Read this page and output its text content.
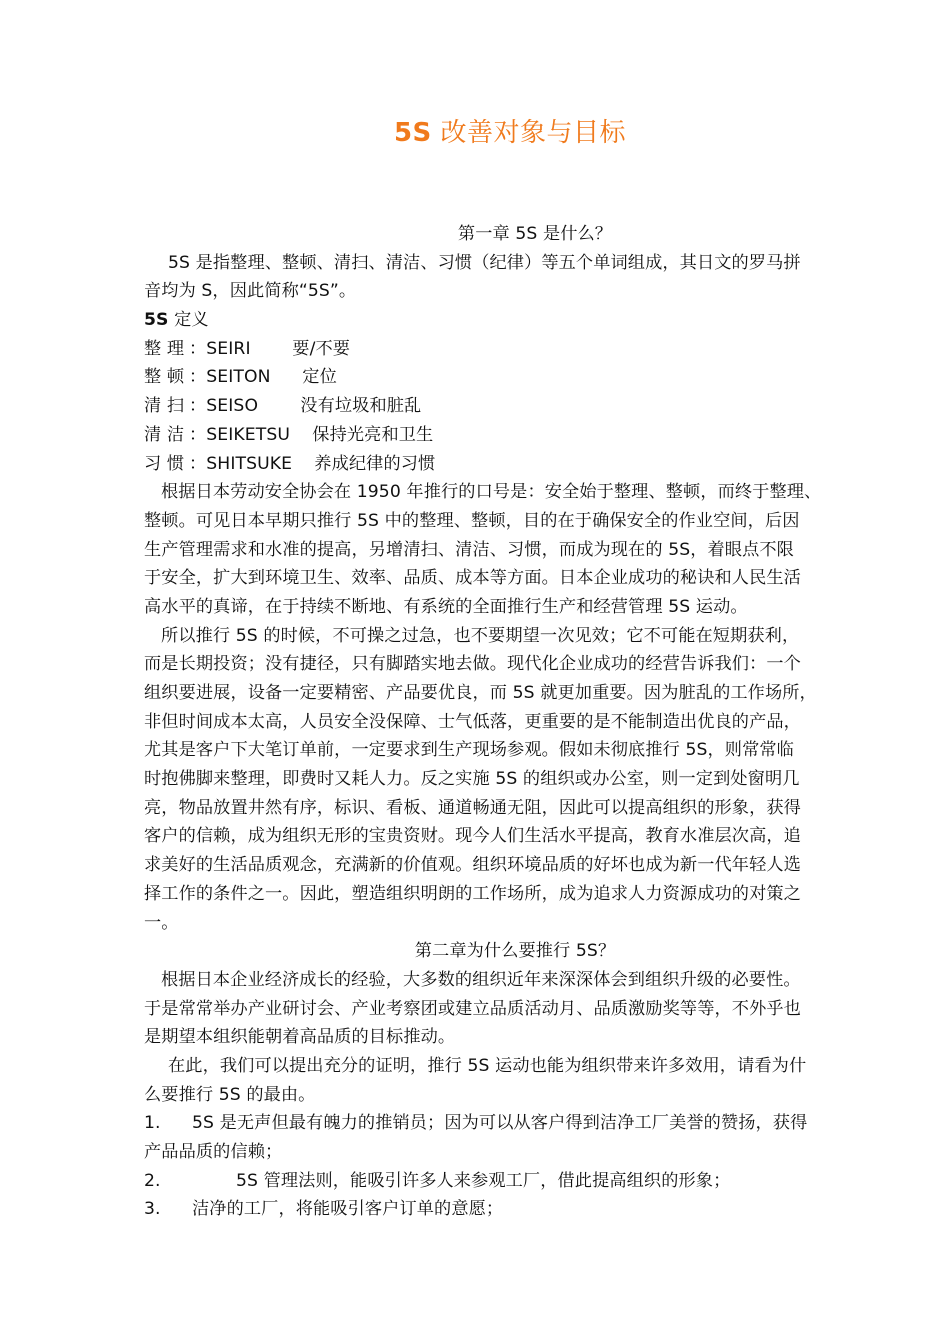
5S 改善对象与目标
第一章 5S 是什么？
5S 是指整理、整顿、清扫、清洁、习惯（纪律）等五个单词组成，其日文的罗马拼
音均为 S，因此简称“5S”。
5S 定义
整 理 ：SEIRI 要/不要
整 顿 ：SEITON 定位
清 扫 ：SEISO 没有垃圾和脏乱
清 洁 ：SEIKETSU 保持光亮和卫生
习 惯 ：SHITSUKE 养成纪律的习惯
根据日本劳动安全协会在 1950 年推行的口号是：安全始于整理、整顿，而终于整理、
整顿。可见日本早期只推行 5S 中的整理、整顿，目的在于确保安全的作业空间，后因
生产管理需求和水准的提高，另增清扫、清洁、习惯，而成为现在的 5S，着眼点不限
于安全，扩大到环境卫生、效率、品质、成本等方面。日本企业成功的秘诀和人民生活
高水平的真谛，在于持续不断地、有系统的全面推行生产和经营管理 5S 运动。
所以推行 5S 的时候，不可操之过急，也不要期望一次见效；它不可能在短期获利，
而是长期投资；没有捷径，只有脚踏实地去做。现代化企业成功的经营告诉我们：一个
组织要进展，设备一定要精密、产品要优良，而 5S 就更加重要。因为脏乱的工作场所，
非但时间成本太高，人员安全没保障、士气低落，更重要的是不能制造出优良的产品，
尤其是客户下大笔订单前，一定要求到生产现场参观。假如未彻底推行 5S，则常常临
时抱佛脚来整理，即费时又耗人力。反之实施 5S 的组织或办公室，则一定到处窗明几
亮，物品放置井然有序，标识、看板、通道畅通无阻，因此可以提高组织的形象，获得
客户的信赖，成为组织无形的宝贵资财。现今人们生活水平提高，教育水准层次高，追
求美好的生活品质观念，充满新的价值观。组织环境品质的好坏也成为新一代年轻人选
择工作的条件之一。因此，塑造组织明朗的工作场所，成为追求人力资源成功的对策之
一。
第二章为什么要推行 5S？
根据日本企业经济成长的经验，大多数的组织近年来深深体会到组织升级的必要性。
于是常常举办产业研讨会、产业考察团或建立品质活动月、品质激励奖等等，不外乎也
是期望本组织能朝着高品质的目标推动。
在此，我们可以提出充分的证明，推行 5S 运动也能为组织带来许多效用，请看为什
么要推行 5S 的最由。
1. 5S 是无声但最有魄力的推销员；因为可以从客户得到洁净工厂美誉的赞扬，获得
产品品质的信赖；
2.	5S 管理法则，能吸引许多人来参观工厂，借此提高组织的形象；
3. 洁净的工厂，将能吸引客户订单的意愿；
